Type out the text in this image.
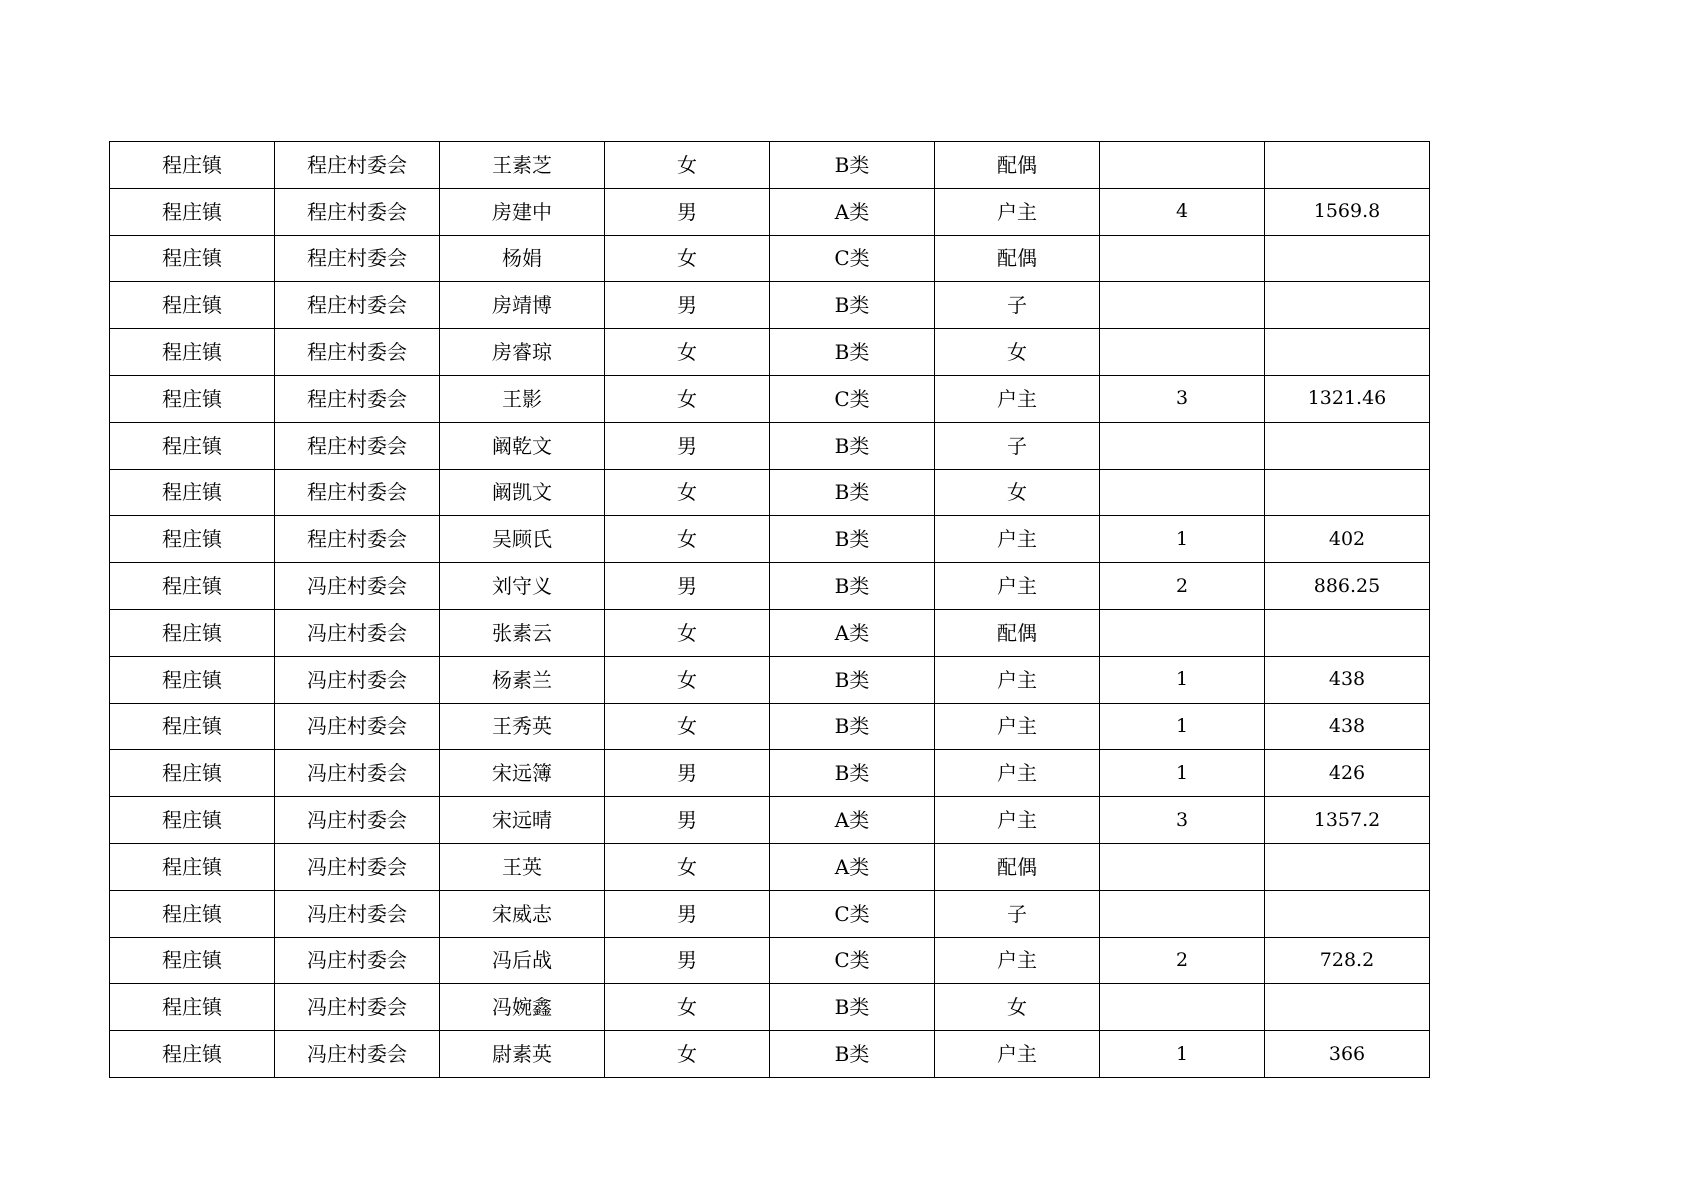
程庄镇	程庄村委会	王素芝	女	B类	配偶		
程庄镇	程庄村委会	房建中	男	A类	户主	4	1569.8
程庄镇	程庄村委会	杨娟	女	C类	配偶		
程庄镇	程庄村委会	房靖博	男	B类	子		
程庄镇	程庄村委会	房睿琼	女	B类	女		
程庄镇	程庄村委会	王影	女	C类	户主	3	1321.46
程庄镇	程庄村委会	阚乾文	男	B类	子		
程庄镇	程庄村委会	阚凯文	女	B类	女		
程庄镇	程庄村委会	吴顾氏	女	B类	户主	1	402
程庄镇	冯庄村委会	刘守义	男	B类	户主	2	886.25
程庄镇	冯庄村委会	张素云	女	A类	配偶		
程庄镇	冯庄村委会	杨素兰	女	B类	户主	1	438
程庄镇	冯庄村委会	王秀英	女	B类	户主	1	438
程庄镇	冯庄村委会	宋远簿	男	B类	户主	1	426
程庄镇	冯庄村委会	宋远晴	男	A类	户主	3	1357.2
程庄镇	冯庄村委会	王英	女	A类	配偶		
程庄镇	冯庄村委会	宋威志	男	C类	子		
程庄镇	冯庄村委会	冯后战	男	C类	户主	2	728.2
程庄镇	冯庄村委会	冯婉鑫	女	B类	女		
程庄镇	冯庄村委会	尉素英	女	B类	户主	1	366
